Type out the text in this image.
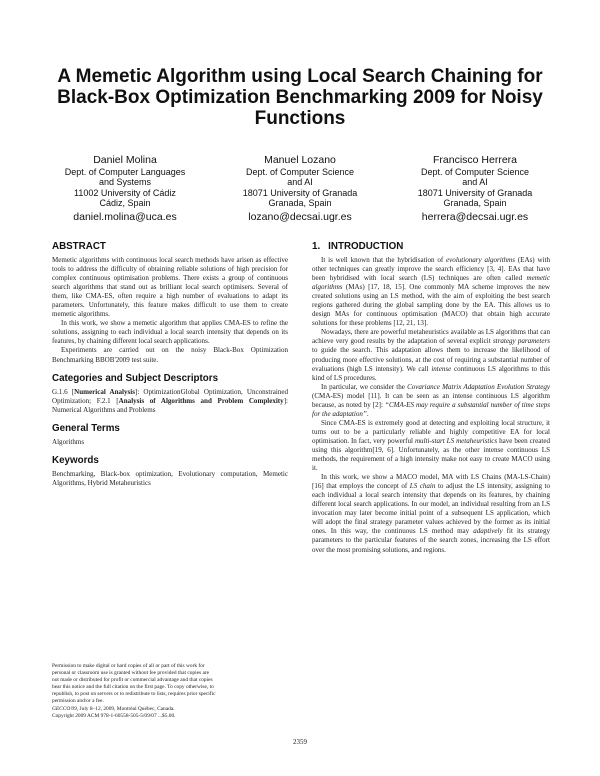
A Memetic Algorithm using Local Search Chaining for
Black-Box Optimization Benchmarking 2009 for Noisy
Functions
Daniel Molina
Dept. of Computer Languages
and Systems
11002 University of Cádiz
Cádiz, Spain
daniel.molina@uca.es
Manuel Lozano
Dept. of Computer Science
and AI
18071 University of Granada
Granada, Spain
lozano@decsai.ugr.es
Francisco Herrera
Dept. of Computer Science
and AI
18071 University of Granada
Granada, Spain
herrera@decsai.ugr.es
ABSTRACT

Memetic algorithms with continuous local search methods have arisen as effective tools to address the difficulty of obtaining reliable solutions of high precision for complex continuous optimisation problems. There exists a group of continuous search algorithms that stand out as brilliant local search optimisers. Several of them, like CMA-ES, often require a high number of evaluations to adapt its parameters. Unfortunately, this feature makes difficult to use them to create memetic algorithms.

In this work, we show a memetic algorithm that applies CMA-ES to refine the solutions, assigning to each individual a local search intensity that depends on its features, by chaining different local search applications.

Experiments are carried out on the noisy Black-Box Optimization Benchmarking BBOB'2009 test suite.

Categories and Subject Descriptors

G.1.6 [Numerical Analysis]: OptimizationGlobal Optimization, Unconstrained Optimization; F.2.1 [Analysis of Algorithms and Problem Complexity]: Numerical Algorithms and Problems

General Terms

Algorithms

Keywords

Benchmarking, Black-box optimization, Evolutionary computation, Memetic Algorithms, Hybrid Metaheuristics

Permission to make digital or hard copies of all or part of this work for
personal or classroom use is granted without fee provided that copies are
not made or distributed for profit or commercial advantage and that copies
bear this notice and the full citation on the first page. To copy otherwise, to
republish, to post on servers or to redistribute to lists, requires prior specific
permission and/or a fee.
GECCO'09, July 8–12, 2009, Montréal Québec, Canada.
Copyright 2009 ACM 978-1-60558-505-5/09/07 ...$5.00.
1. INTRODUCTION

It is well known that the hybridisation of evolutionary algorithms (EAs) with other techniques can greatly improve the search efficiency [3, 4]. EAs that have been hybridised with local search (LS) techniques are often called memetic algorithms (MAs) [17, 18, 15]. One commonly MA scheme improves the new created solutions using an LS method, with the aim of exploiting the best search regions gathered during the global sampling done by the EA. This allows us to design MAs for continuous optimisation (MACO) that obtain high accurate solutions for these problems [12, 21, 13].

Nowadays, there are powerful metaheuristics available as LS algorithms that can achieve very good results by the adaptation of several explicit strategy parameters to guide the search. This adaptation allows them to increase the likelihood of producing more effective solutions, at the cost of requiring a substantial number of evaluations (high LS intensity). We call intense continuous LS algorithms to this kind of LS procedures.

In particular, we consider the Covariance Matrix Adaptation Evolution Strategy (CMA-ES) model [11]. It can be seen as an intense continuous LS algorithm because, as noted by [2]: “CMA-ES may require a substantial number of time steps for the adaptation”.

Since CMA-ES is extremely good at detecting and exploiting local structure, it turns out to be a particularly reliable and highly competitive EA for local optimisation. In fact, very powerful multi-start LS metaheuristics have been created using this algorithm[19, 6]. Unfortunately, as the other intense continuous LS methods, the requirement of a high intensity make not easy to create MACO using it.

In this work, we show a MACO model, MA with LS Chains (MA-LS-Chain) [16] that employs the concept of LS chain to adjust the LS intensity, assigning to each individual a local search intensity that depends on its features, by chaining different local search applications. In our model, an individual resulting from an LS invocation may later become initial point of a subsequent LS application, which will adopt the final strategy parameter values achieved by the former as its initial ones. In this way, the continuous LS method may adaptively fit its strategy parameters to the particular features of the search zones, increasing the LS effort over the most promising solutions, and regions.

2359
